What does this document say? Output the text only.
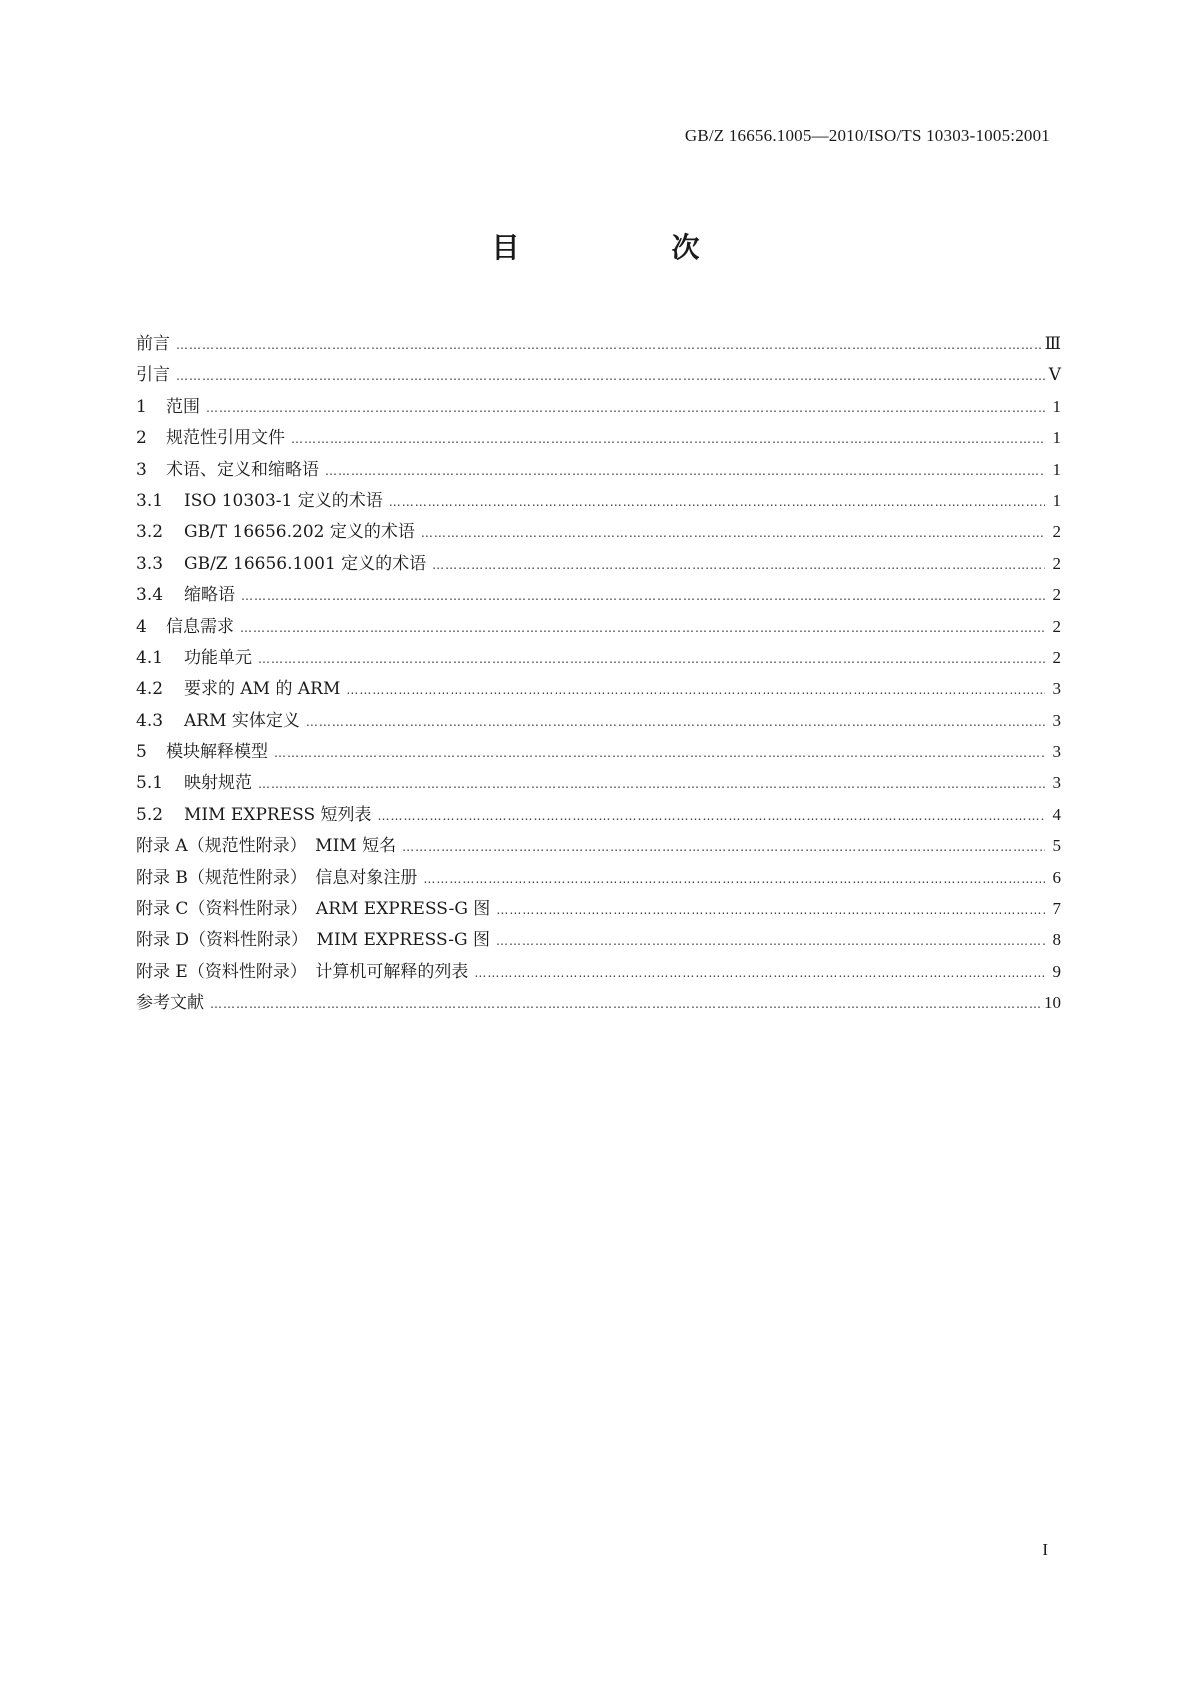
GB/Z 16656.1005—2010/ISO/TS 10303-1005:2001
目　次
前言 …………………………………………………………………………………………………………………………………………………………………………………………………………………………………………………………	Ⅲ
引言 …………………………………………………………………………………………………………………………………………………………………………………………………………………………………………………………	Ⅴ
1	范围 …………………………………………………………………………………………………………………………………………………………………………………………………………………………………………………………	1
2	规范性引用文件 …………………………………………………………………………………………………………………………………………………………………………………………………………………………………………………………	1
3	术语、定义和缩略语 …………………………………………………………………………………………………………………………………………………………………………………………………………………………………………………………	1
3.1	ISO 10303-1 定义的术语 …………………………………………………………………………………………………………………………………………………………………………………………………………………………………………………………	1
3.2	GB/T 16656.202 定义的术语 …………………………………………………………………………………………………………………………………………………………………………………………………………………………………………………………	2
3.3	GB/Z 16656.1001 定义的术语 …………………………………………………………………………………………………………………………………………………………………………………………………………………………………………………………	2
3.4	缩略语 …………………………………………………………………………………………………………………………………………………………………………………………………………………………………………………………	2
4	信息需求 …………………………………………………………………………………………………………………………………………………………………………………………………………………………………………………………	2
4.1	功能单元 …………………………………………………………………………………………………………………………………………………………………………………………………………………………………………………………	2
4.2	要求的 AM 的 ARM …………………………………………………………………………………………………………………………………………………………………………………………………………………………………………………………	3
4.3	ARM 实体定义 …………………………………………………………………………………………………………………………………………………………………………………………………………………………………………………………	3
5	模块解释模型 …………………………………………………………………………………………………………………………………………………………………………………………………………………………………………………………	3
5.1	映射规范 …………………………………………………………………………………………………………………………………………………………………………………………………………………………………………………………	3
5.2	MIM EXPRESS 短列表 …………………………………………………………………………………………………………………………………………………………………………………………………………………………………………………………	4
附录 A（规范性附录）　MIM 短名 …………………………………………………………………………………………………………………………………………………………………………………………………………………………………………………………	5
附录 B（规范性附录）　信息对象注册 …………………………………………………………………………………………………………………………………………………………………………………………………………………………………………………………	6
附录 C（资料性附录）　ARM EXPRESS-G 图 …………………………………………………………………………………………………………………………………………………………………………………………………………………………………………………………	7
附录 D（资料性附录）　MIM EXPRESS-G 图 …………………………………………………………………………………………………………………………………………………………………………………………………………………………………………………………	8
附录 E（资料性附录）　计算机可解释的列表 …………………………………………………………………………………………………………………………………………………………………………………………………………………………………………………………	9
参考文献 …………………………………………………………………………………………………………………………………………………………………………………………………………………………………………………………	10
I
